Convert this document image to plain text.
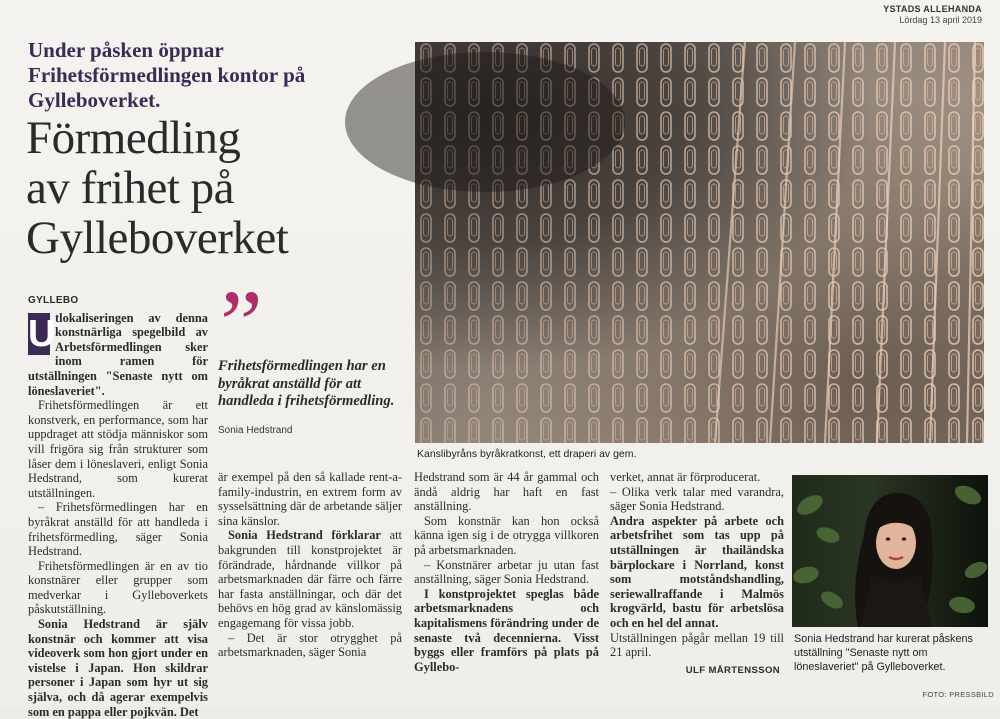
YSTADS ALLEHANDA
Lördag 13 april 2019
Under påsken öppnar Frihetsförmedlingen kontor på Gylleboverket.
Förmedling
av frihet på
Gylleboverket
GYLLEBO
U tlokaliseringen av denna konstnärliga spegelbild av Arbetsförmedlingen sker inom ramen för utställningen "Senaste nytt om löneslaveriet".

Frihetsförmedlingen är ett konstverk, en performance, som har uppdraget att stödja människor som vill frigöra sig från strukturer som låser dem i löneslaveri, enligt Sonia Hedstrand, som kurerat utställningen.

– Frihetsförmedlingen har en byråkrat anställd för att handleda i frihetsförmedling, säger Sonia Hedstrand.

Frihetsförmedlingen är en av tio konstnärer eller grupper som medverkar i Gylleboverkets påskutställning.

Sonia Hedstrand är själv konstnär och kommer att visa videoverk som hon gjort under en vistelse i Japan. Hon skildrar personer i Japan som hyr ut sig själva, och då agerar exempelvis som en pappa eller pojkvän. Det

”
Frihetsförmedlingen har en byråkrat anställd för att handleda i frihetsförmedling.
Sonia Hedstrand

är exempel på den så kallade rent-a-family-industrin, en extrem form av sysselsättning där de arbetande säljer sina känslor.

Sonia Hedstrand förklarar att bakgrunden till konstprojektet är förändrade, hårdnande villkor på arbetsmarknaden där färre och färre har fasta anställningar, och där det behövs en hög grad av känslomässig engagemang för vissa jobb.

– Det är stor otrygghet på arbetsmarknaden, säger Sonia

Hedstrand som är 44 år gammal och ändå aldrig har haft en fast anställning.

Som konstnär kan hon också känna igen sig i de otrygga villkoren på arbetsmarknaden.

– Konstnärer arbetar ju utan fast anställning, säger Sonia Hedstrand.

I konstprojektet speglas både arbetsmarknadens och kapitalismens förändring under de senaste två decennierna. Visst byggs eller framförs på plats på Gyllebo-

verket, annat är förproducerat.

– Olika verk talar med varandra, säger Sonia Hedstrand.

Andra aspekter på arbete och arbetsfrihet som tas upp på utställningen är thailändska bärplockare i Norrland, konst som motståndshandling, seriewallraffande i Malmös krogvärld, bastu för arbetslösa och en hel del annat.

Utställningen pågår mellan 19 till 21 april.

ULF MÅRTENSSON
Kanslibyråns byråkratkonst, ett draperi av gem.
Sonia Hedstrand har kurerat påskens utställning "Senaste nytt om löneslaveriet" på Gylleboverket.
FOTO: PRESSBILD
